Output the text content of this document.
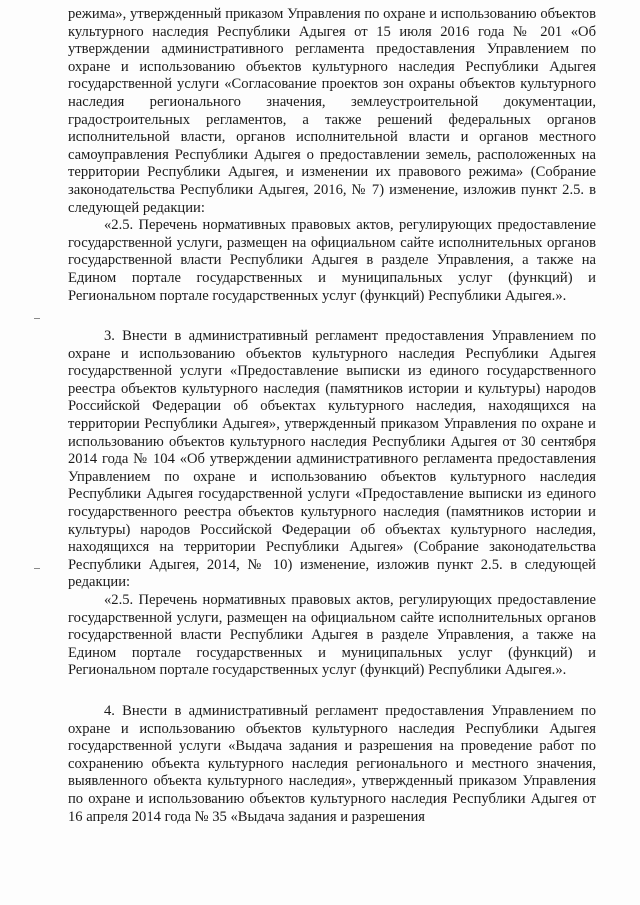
режима», утвержденный приказом Управления по охране и использованию объектов культурного наследия Республики Адыгея от 15 июля 2016 года № 201 «Об утверждении административного регламента предоставления Управлением по охране и использованию объектов культурного наследия Республики Адыгея государственной услуги «Согласование проектов зон охраны объектов культурного наследия регионального значения, землеустроительной документации, градостроительных регламентов, а также решений федеральных органов исполнительной власти, органов исполнительной власти и органов местного самоуправления Республики Адыгея о предоставлении земель, расположенных на территории Республики Адыгея, и изменении их правового режима» (Собрание законодательства Республики Адыгея, 2016, № 7) изменение, изложив пункт 2.5. в следующей редакции:

«2.5. Перечень нормативных правовых актов, регулирующих предоставление государственной услуги, размещен на официальном сайте исполнительных органов государственной власти Республики Адыгея в разделе Управления, а также на Едином портале государственных и муниципальных услуг (функций) и Региональном портале государственных услуг (функций) Республики Адыгея.».

3. Внести в административный регламент предоставления Управлением по охране и использованию объектов культурного наследия Республики Адыгея государственной услуги «Предоставление выписки из единого государственного реестра объектов культурного наследия (памятников истории и культуры) народов Российской Федерации об объектах культурного наследия, находящихся на территории Республики Адыгея», утвержденный приказом Управления по охране и использованию объектов культурного наследия Республики Адыгея от 30 сентября 2014 года № 104 «Об утверждении административного регламента предоставления Управлением по охране и использованию объектов культурного наследия Республики Адыгея государственной услуги «Предоставление выписки из единого государственного реестра объектов культурного наследия (памятников истории и культуры) народов Российской Федерации об объектах культурного наследия, находящихся на территории Республики Адыгея» (Собрание законодательства Республики Адыгея, 2014, № 10) изменение, изложив пункт 2.5. в следующей редакции:

«2.5. Перечень нормативных правовых актов, регулирующих предоставление государственной услуги, размещен на официальном сайте исполнительных органов государственной власти Республики Адыгея в разделе Управления, а также на Едином портале государственных и муниципальных услуг (функций) и Региональном портале государственных услуг (функций) Республики Адыгея.».

4. Внести в административный регламент предоставления Управлением по охране и использованию объектов культурного наследия Республики Адыгея государственной услуги «Выдача задания и разрешения на проведение работ по сохранению объекта культурного наследия регионального и местного значения, выявленного объекта культурного наследия», утвержденный приказом Управления по охране и использованию объектов культурного наследия Республики Адыгея от 16 апреля 2014 года № 35 «Выдача задания и разрешения
